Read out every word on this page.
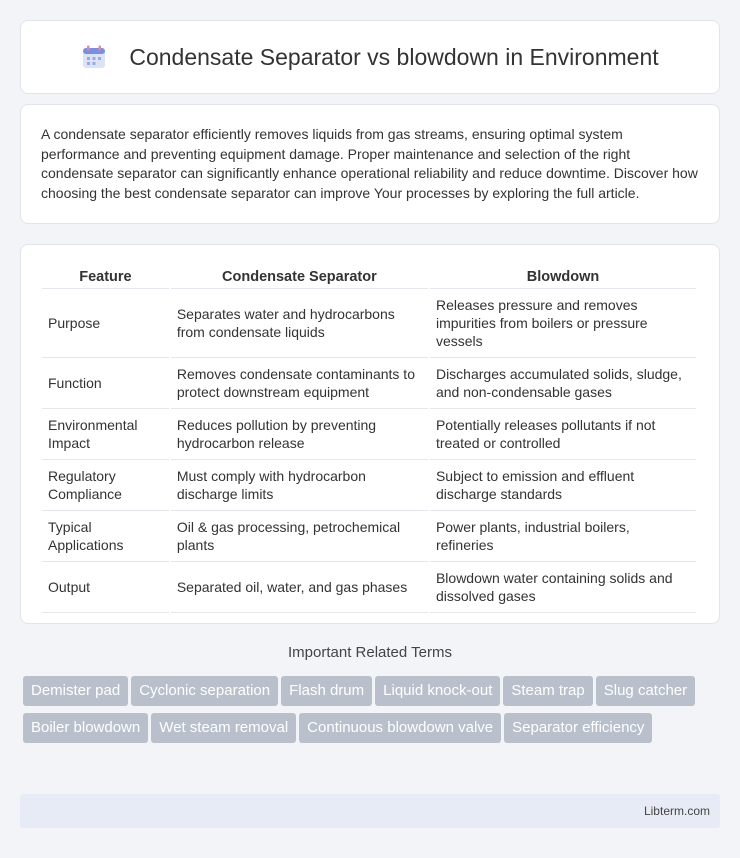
Condensate Separator vs blowdown in Environment

A condensate separator efficiently removes liquids from gas streams, ensuring optimal system performance and preventing equipment damage. Proper maintenance and selection of the right condensate separator can significantly enhance operational reliability and reduce downtime. Discover how choosing the best condensate separator can improve Your processes by exploring the full article.

Feature	Condensate Separator	Blowdown
Purpose	Separates water and hydrocarbons from condensate liquids	Releases pressure and removes impurities from boilers or pressure vessels
Function	Removes condensate contaminants to protect downstream equipment	Discharges accumulated solids, sludge, and non-condensable gases
Environmental Impact	Reduces pollution by preventing hydrocarbon release	Potentially releases pollutants if not treated or controlled
Regulatory Compliance	Must comply with hydrocarbon discharge limits	Subject to emission and effluent discharge standards
Typical Applications	Oil & gas processing, petrochemical plants	Power plants, industrial boilers, refineries
Output	Separated oil, water, and gas phases	Blowdown water containing solids and dissolved gases
Important Related Terms
Demister pad Cyclonic separation Flash drum Liquid knock-out Steam trap Slug catcherBoiler blowdown Wet steam removal Continuous blowdown valve Separator efficiency
Libterm.com
